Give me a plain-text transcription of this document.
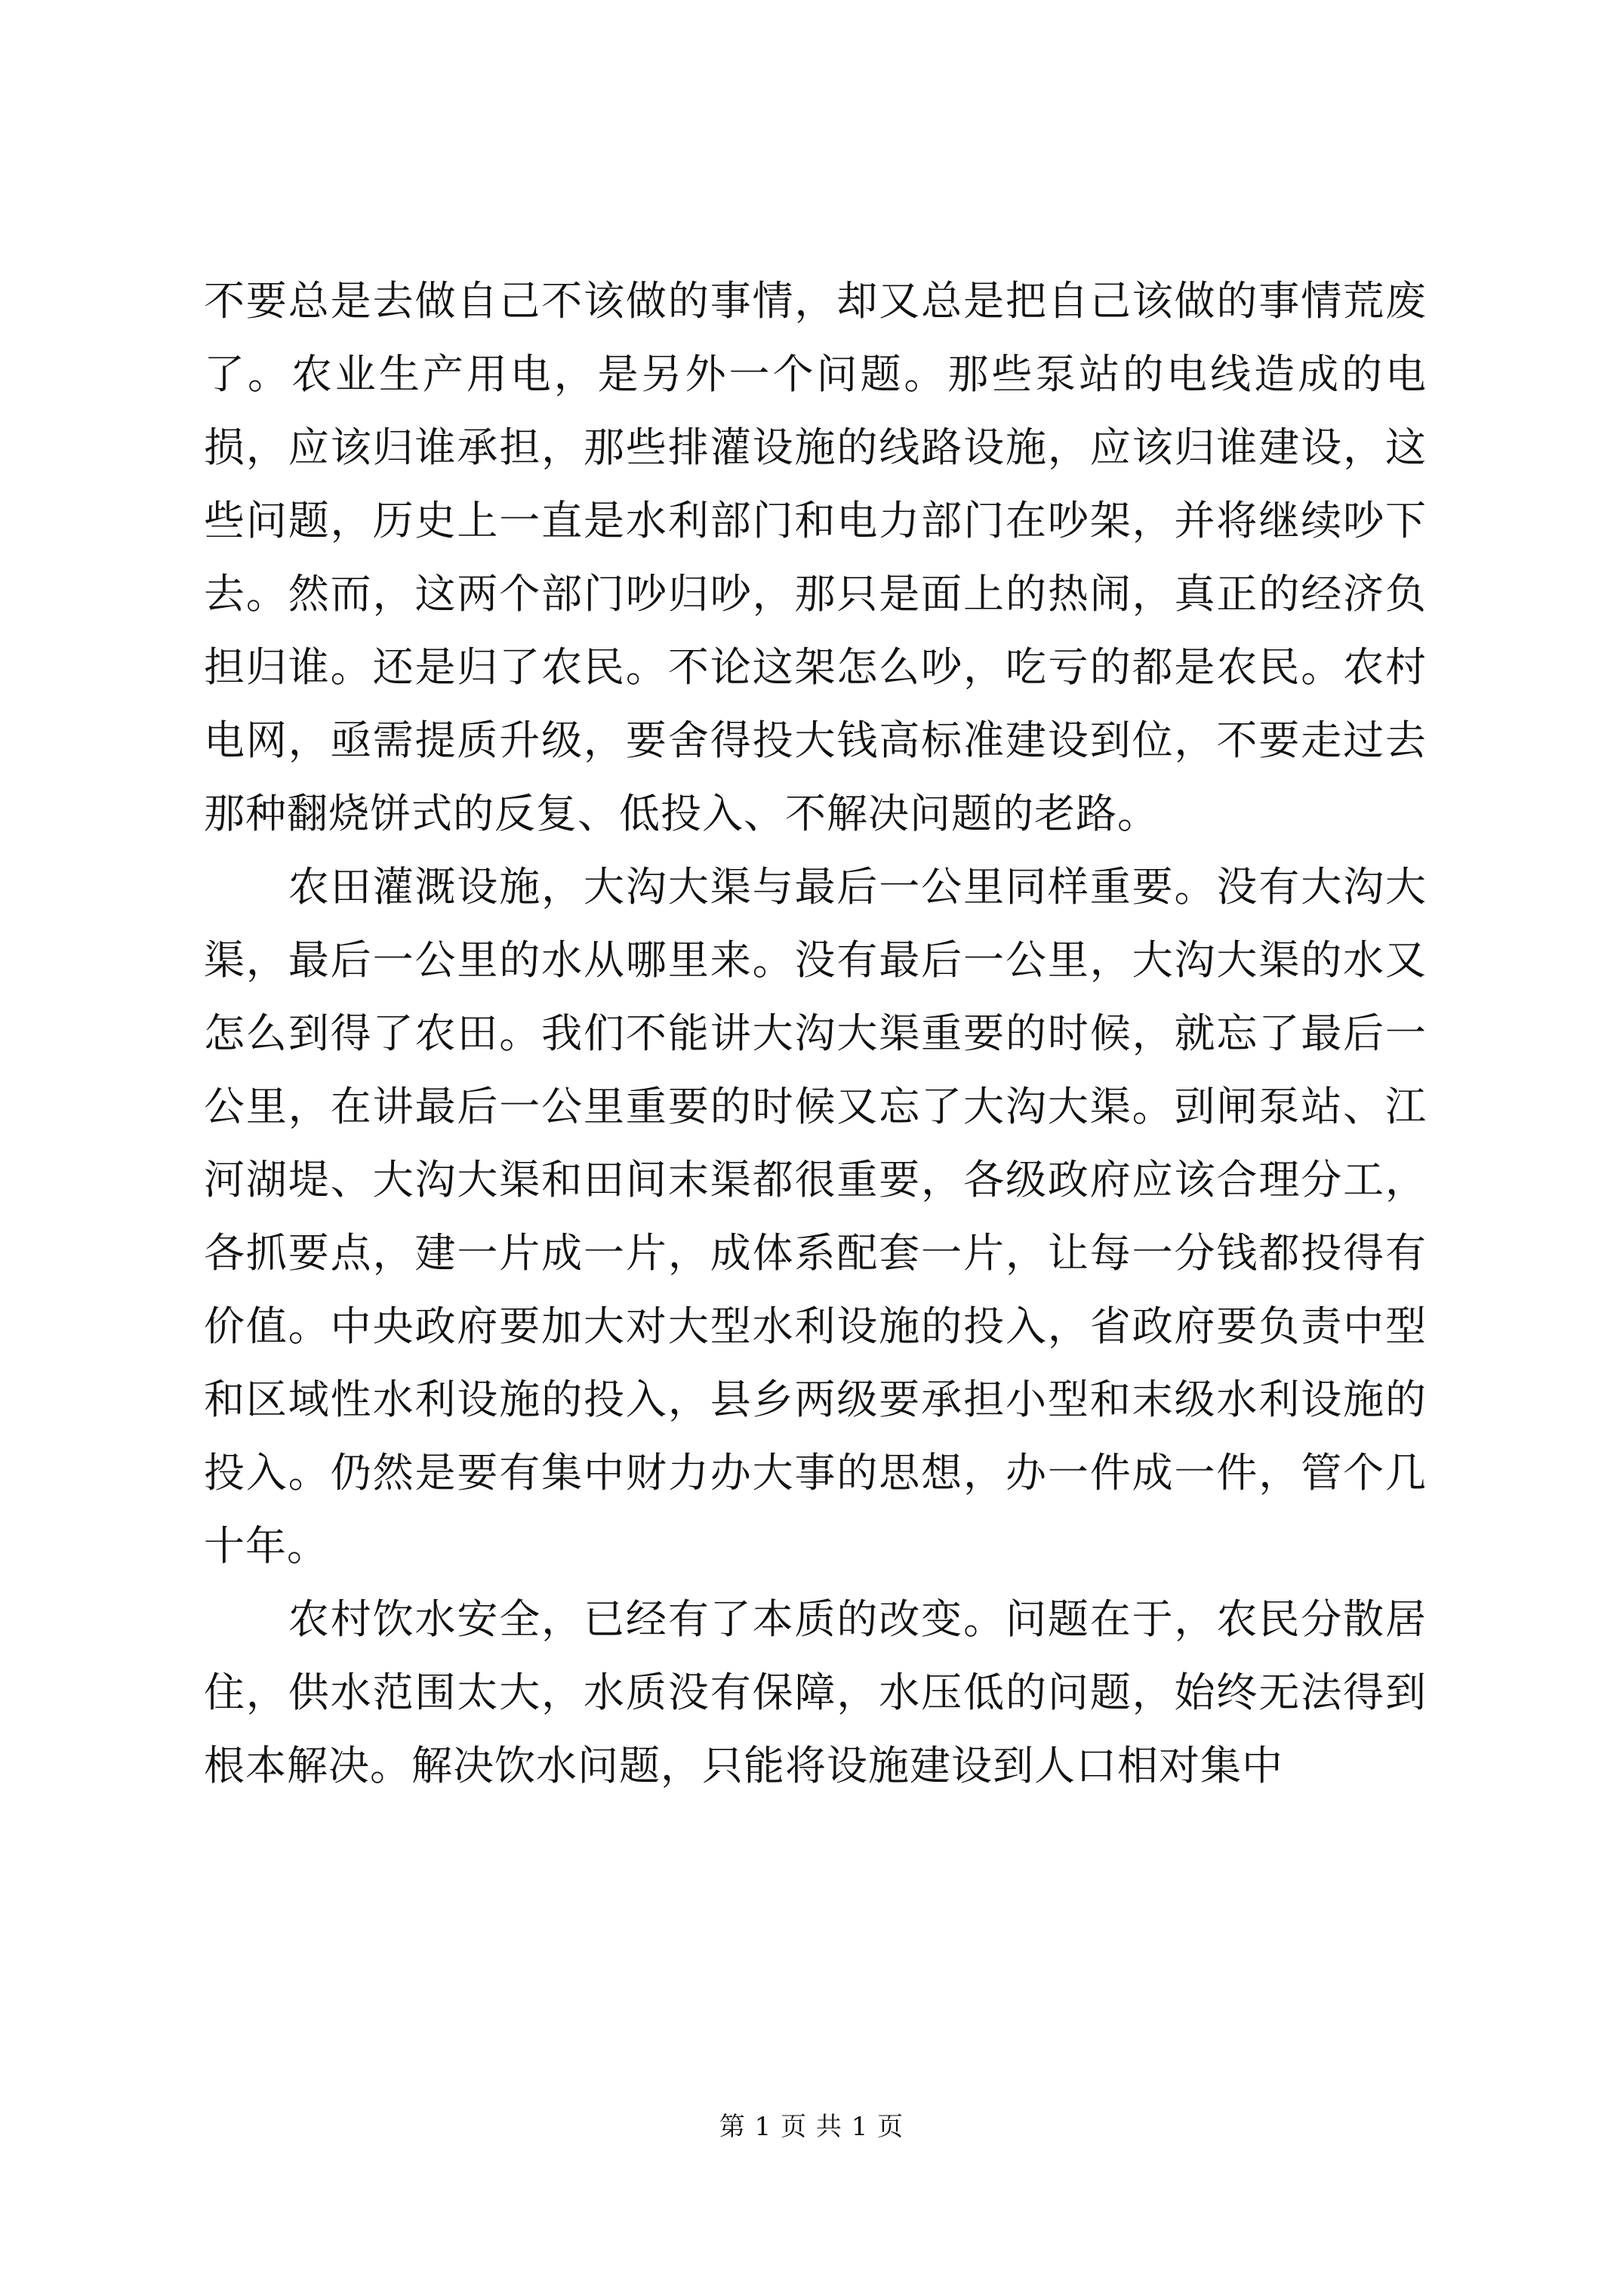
不要总是去做自己不该做的事情，却又总是把自己该做的事情荒废了。农业生产用电，是另外一个问题。那些泵站的电线造成的电损，应该归谁承担，那些排灌设施的线路设施，应该归谁建设，这些问题，历史上一直是水利部门和电力部门在吵架，并将继续吵下去。然而，这两个部门吵归吵，那只是面上的热闹，真正的经济负担归谁。还是归了农民。不论这架怎么吵，吃亏的都是农民。农村电网，亟需提质升级，要舍得投大钱高标准建设到位，不要走过去那种翻烧饼式的反复、低投入、不解决问题的老路。

　　农田灌溉设施，大沟大渠与最后一公里同样重要。没有大沟大渠，最后一公里的水从哪里来。没有最后一公里，大沟大渠的水又怎么到得了农田。我们不能讲大沟大渠重要的时候，就忘了最后一公里，在讲最后一公里重要的时候又忘了大沟大渠。剅闸泵站、江河湖堤、大沟大渠和田间末渠都很重要，各级政府应该合理分工，各抓要点，建一片成一片，成体系配套一片，让每一分钱都投得有价值。中央政府要加大对大型水利设施的投入，省政府要负责中型和区域性水利设施的投入，县乡两级要承担小型和末级水利设施的投入。仍然是要有集中财力办大事的思想，办一件成一件，管个几十年。

　　农村饮水安全，已经有了本质的改变。问题在于，农民分散居住，供水范围太大，水质没有保障，水压低的问题，始终无法得到根本解决。解决饮水问题，只能将设施建设到人口相对集中

第 1 页 共 1 页
